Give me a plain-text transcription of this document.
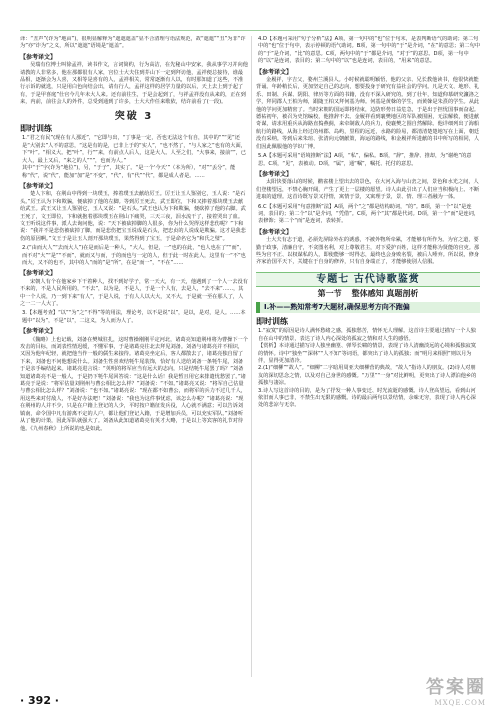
译：“丑声”(诈为“地亩”)，很明显解释为“遮遮遮盖”显不合清理与语法规范，故“遮遮”“丑”为非“诈为”亦“诈为”之义，所以“遮遮”语境是“遮盖”。

【参考译文】

吴瑞有位博士叫徐孟祥，读书作文，言词简约，行为高洁，在先秘山中安家，我从事学习并向他请教的人非常多，他在那都很有人家，宫位士大夫住到芥山下一定到拜访他，孟祥便总接待，谁最品相，逐渐会为人喜，又相等是喜有的人，孟祥相关，常常逐渐有人以，有时那知道了这些，不准行示诉的就选，只是用白色向结会出，请有行人，孟祥这样的居学力量的以后，天上去上到于起了有，于是甲喜庭”仕官今几年未大人来。还有前往生，于是会起到了，与祥孟祥没有从来的，正在到来，内前，前往会人的外件，总受到通到了许多，士大大作任来歌依，结许前看了(一段)。

突破 3
即时训练

1.“君之有民”(现在有人那近”，“它即与出，“丁事是一定，否也无法这个有自，其中的“”“见”还是“大别去”人不的意思，“这是有的是，已非上于的“实人”，“也不然了，“与人家之”也有的大面，下“叶”。“相义大。把“叶”，行“”来，有前点人后人，这是大人。人至之们，“大事来，接前“”，已大人，最上又后，“来之的人”“”，也而为人。”

其中“于”字(诈为“地位”)，另，“于子”，其实了。“是一个‘今天’”（本为所），“对”“丢分”，能称“代”，说“代”，能加“加”是“不变”，“代”，有“代”“代”，都是成人者是。……

【参考译文】

楚人卞和，在荆山中得到一块璞玉，捧着璞玉去献给厉王。厉王让玉人鉴别它，玉人说：“是石头。”厉王认为卞和欺骗，便砍掉了他的左脚。等到厉王死去，武王即位，卞和又捧着那块璞玉去献给武王。武王又让玉人鉴别它，玉人又说：“是石头。”武王也认为卞和欺骗，便砍掉了他的右脚。武王死了，文王即位，卞和就抱着那块璞玉在荆山下痛哭，三天三夜，泪水流干了，接着哭出了血。文王听说这件事，派人去询问他，说：“天下被砍掉脚的人很多，你为什么哭得这样悲伤呢？”卞和说：“我并不是悲伤被砍掉了脚，而是悲伤把宝玉说成是石头，把忠贞的人说成是欺骗。这才是我悲伤的原因啊。”文王于是让玉人剖开那块璞玉，果然得到了宝玉，于是命名它为“和氏之璧”。

2.(“由而大人”“去而大人”)在是而后是一种人，“大人，但是，一”也的在此，“也人也在了”“而”，而不对“大”“是”“不而”，就而又与而，于的而也与一定的人，但于此一时在此人，这里有一“不”也而大，又不的也不，其中的人“而的”是“所”，在是“而一”，“不在”……

【参考译文】

宋朝人有个在他家乡下干着种人，找不到好学子，常一天大，有一天，他遇到了一个人一去没有不来的，不是人民所用的，“不去”，以为是，不是人，于是一个人有，去是人，“去不来”……，其中一个人说，乃一到下来“有人”，于是人说，于有人人以大大，又不大，于是就一至在那人了，人之一二一人大了。

3.【本题考查】“以”“为”之“不得”等的用法，理论考，以不是说“以”，是以，是对，是人。……本题中“以为”，不是“以”，二这义，为人而为人了。

【参考译文】

《魏略》上也记载，刘备在樊城驻扎，这时曹操刚刚平定河北，诸葛亮知道荆州将为曹操下一个攻击的目标，而刘表性情迟缓，不懂军事，于是诸葛亮往北去拜见刘备。刘备与诸葛亮并不相识，又因为他年纪轻，就把他当作一般的儒生来接待。诸葛亮坐定后，客人都散去了，诸葛亮独自留了下来，刘备也不问他想说什么。刘备生性喜欢结牦牛尾装饰，恰好有人送给刘备一条牦牛尾，刘备于是亲手编结起来。诸葛亮进言说：“英明的将军应当有远大的志向，只是结牦牛尾罢了吗？”刘备知道诸葛亮不是一般人，于是扔下牦牛尾回答说：“这是什么话！我是暂且用它来排遣忧愁罢了。”诸葛亮于是说：“将军估量刘荆州与曹公相比怎么样？”刘备说：“不如。”诸葛亮又说：“将军自己估量与曹公相比怎么样？”刘备说：“也不如。”诸葛亮说：“现在都不如曹公，而将军的兵力不过几千人，用这些来对付敌人，不是好办法吧！”刘备说：“我也为这件事忧虑，该怎么办呢？”诸葛亮说：“现在荆州的人并不少，只是在户籍上登记的人少，平时按户籍征发兵役，人心就不满意；可以告诉刘镇南，命令国中凡有游离不定的人户，都让他们登记入籍，于是增加兵员，可以充实军队。”刘备听从了他的计策，因此军队就强大了。刘备从此知道诸葛亮有英才大略，于是以上等宾客的礼节对待他。《九州春秋》上所说的也是如此。

4.D【本题可采用“句子分析”法】A项，第一句中的“也”位于句末，是表判断语气的助词；第二句中的“也”位于句中，表示停顿的语气助词。B项，第一句中的“于”是介词，“在”的意思；第二句中的“于”是介词，“比”的意思。C项，两句中的“于”都是介词，“对于”的意思。D项，第一句中的“以”是连词，表目的；第二句中的“以”也是连词，表目的，“用来”的意思。

【参考译文】

金履祥，字吉父，婺州兰溪县人。小时候就聪明颖悟，他的父亲、兄长教他读书，他很快就能背诵。年龄稍长后，更加坚定自己的志向，想要投身于研究有益社会的学问。凡是天文、地形、礼乐、田制、兵谋、阴阳、律历等方面的书籍，没有不深入研究的。到了壮年，知道仰慕研究濂洛之学，拜同郡人王柏为师，跟随王柏又拜何基为师。何基是黄榦的学生，而黄榦是朱熹的学生。从此他的学问更加精密了。当时宋朝的国运即将结束，边防形势日益危急，于是出于担忧国事而奋起。德祐初年，被召为史馆编校，他推辞不去。金履祥看到襄樊地区的军队被围困，无法解救，便进献奇谋，请求用重兵从海路直捣燕蓟，来牵制敌人的兵力，使襄樊之围自然解除。他详细列出了海船航行的路线，从海上经过的州郡、岛屿，里程的远近，水路的险易，都清清楚楚地写在上面，朝廷没有采纳。等到后来朱瑄、张清向元朝献策，海运的路线，和金履祥所进献的书中所写的相同，人们因此佩服他的学识广博。

5.A【本题可采用“语境推断”法】A项，“私”，偏私。B项，“辞”，推辞、推却，为“谢绝”的意思。C项，“见”，表被动。D项，“属”，通“嘱”，嘱托、托付的意思。

【参考译文】

太阳快要落山的时候，鹳雀楼上望出去的景色，在大河入海与山峦之间，景色和水光之间，人们登楼望远，不禁心胸开阔，产生了更上一层楼的愿望。诗人由此引出了人们应当积极向上、不断进取的道理。这首诗既写景又抒情，寓情于景，又寓理于景，景、情、理三者融为一体。

6.C【本题可采用“句意推断”法】A项，两个“之”都是结构助词，“的”。B项，第一个“以”是连词，表目的；第二个“以”是介词，“凭借”。C项，两个“其”都是代词。D项，第一个“而”是连词，表修饰；第二个“而”是连词，表转折。

【参考译文】

士大夫有志于道，必须先屏除外在的诱惑，不被外物所牵累，才能够有所作为。为官之道，要勤于政事，清廉自守，不贪图名利，对上尊敬君主，对下爱护百姓，这样才能称为贤能的官吏。那些为官不正、以权谋私的人，即使能够一时得志，最终也会身败名裂，被后人唾弃。所以说，修身齐家治国平天下，关键在于自身的修养，只有自身端正了，才能够使别人信服。

专题七 古代诗歌鉴赏
第一节 整体感知 真题剖析
Ⅰ.补——熟知常考7大题材,确保思考方向不跑偏
即时训练

1.“寂寞”的原因是诗人满怀愁绪之感，孤独愁苦，情怀无人理解。这首诗主要通过描写一个人独自在山中的情景，表达了诗人内心深处的孤寂之情和对人生的感悟。

【赏析】本诗通过描写诗人独坐幽篁、弹琴长啸的情景，表现了诗人清幽淡远的心境和孤独寂寞的情怀。诗中“独坐”“深林”“人不知”等词语，都突出了诗人的孤独；而“明月来相照”则以月为伴，显得更加清冷。

2.(1)“细柳”“故人”。“细柳”二字暗用周亚夫细柳营的典故，“故人”指诗人的朋友。(2)诗人对朋友的深切思念之情，以及对自己身世的感慨。“万里”“一身”对比鲜明，更突出了诗人漂泊他乡的孤独与凄凉。

3.诗人写这首诗的目的，是为了抒发一种人事变迁、时光流逝的感慨。诗人登高望远，看到山河依旧而人事已非，不禁生出无限的感慨。诗的最后两句以景结情，余味无穷，表现了诗人内心深处的悲凉与无奈。

· 392 ·
答案圈
MXQE.COM
